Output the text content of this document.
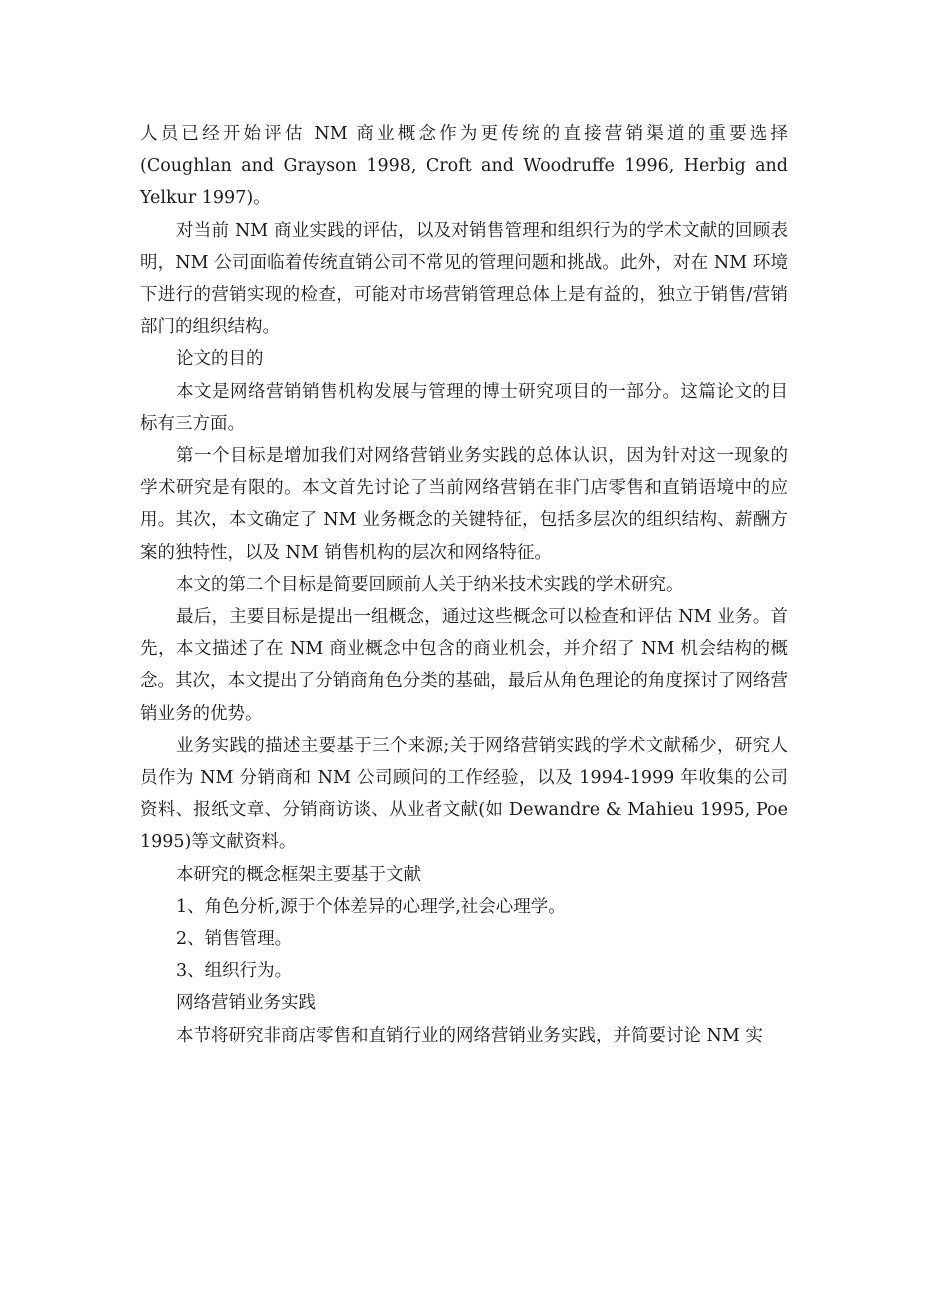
人员已经开始评估 NM 商业概念作为更传统的直接营销渠道的重要选择 (Coughlan and Grayson 1998, Croft and Woodruffe 1996, Herbig and Yelkur 1997)。

对当前 NM 商业实践的评估，以及对销售管理和组织行为的学术文献的回顾表明，NM 公司面临着传统直销公司不常见的管理问题和挑战。此外，对在 NM 环境下进行的营销实现的检查，可能对市场营销管理总体上是有益的，独立于销售/营销部门的组织结构。

论文的目的

本文是网络营销销售机构发展与管理的博士研究项目的一部分。这篇论文的目标有三方面。

第一个目标是增加我们对网络营销业务实践的总体认识，因为针对这一现象的学术研究是有限的。本文首先讨论了当前网络营销在非门店零售和直销语境中的应用。其次，本文确定了 NM 业务概念的关键特征，包括多层次的组织结构、薪酬方案的独特性，以及 NM 销售机构的层次和网络特征。

本文的第二个目标是简要回顾前人关于纳米技术实践的学术研究。

最后，主要目标是提出一组概念，通过这些概念可以检查和评估 NM 业务。首先，本文描述了在 NM 商业概念中包含的商业机会，并介绍了 NM 机会结构的概念。其次，本文提出了分销商角色分类的基础，最后从角色理论的角度探讨了网络营销业务的优势。

业务实践的描述主要基于三个来源;关于网络营销实践的学术文献稀少，研究人员作为 NM 分销商和 NM 公司顾问的工作经验，以及 1994-1999 年收集的公司资料、报纸文章、分销商访谈、从业者文献(如 Dewandre & Mahieu 1995, Poe 1995)等文献资料。

本研究的概念框架主要基于文献

1、角色分析,源于个体差异的心理学,社会心理学。

2、销售管理。

3、组织行为。

网络营销业务实践

本节将研究非商店零售和直销行业的网络营销业务实践，并简要讨论 NM 实
